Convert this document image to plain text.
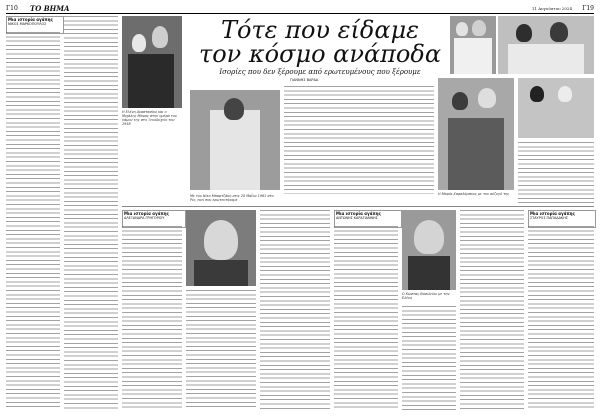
Γ10 ΤΟ ΒΗΜΑ	11 Αυγούστου 2024 Γ19
Μια ιστορία αγάπης
ΝΙΚΟΣ ΜΑΡΚΟΠΟΥΛΟΣ
Η Ελένη Αναστασίου και ο Μιχάλης Μάνας στην ημέρα του γάμου της στο Ξενοδοχείο του 1958
Τότε που είδαμε
τον κόσμο ανάποδα
Ισορίες που δεν ξέρουμε από ερωτευμένους που ξέρουμε
ΓΙΑΝΝΗΣ ΒΑΡΔΑ
Με τον Νίκο Μπαρτζάκη στις 20 Μαΐου 1961 στο Ρίο, εκεί που ερωτευτήκαμε
Η Μαρία Χαραλάμπους με τον σύζυγό της
Μια ιστορία αγάπης
ΑΛΕΞΑΝΔΡΑ ΓΡΗΓΟΡΙΟΥ
Μια ιστορία αγάπης
ΑΝΤΩΝΗΣ ΚΑΡΑΓΙΑΝΝΗΣ
Ο Κώστας Βασιλείου με την Ελένη
Μια ιστορία αγάπης
ΣΤΑΥΡΟΣ ΠΑΠΑΔΑΚΗΣ
